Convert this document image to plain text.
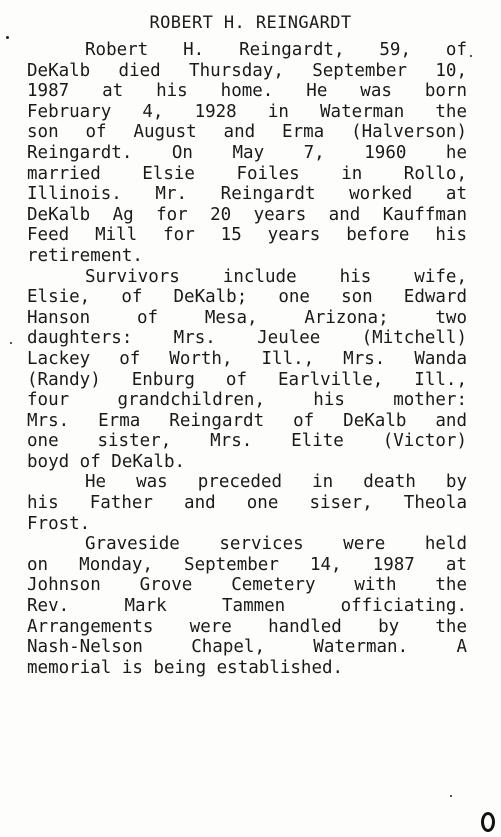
ROBERT H. REINGARDT
Robert H. Reingardt, 59, of
DeKalb died Thursday, September 10,
1987 at his home. He was born
February 4, 1928 in Waterman the
son of August and Erma (Halverson)
Reingardt. On May 7, 1960 he
married Elsie Foiles in Rollo,
Illinois. Mr. Reingardt worked at
DeKalb Ag for 20 years and Kauffman
Feed Mill for 15 years before his
retirement.
Survivors include his wife,
Elsie, of DeKalb; one son Edward
Hanson of Mesa, Arizona; two
daughters: Mrs. Jeulee (Mitchell)
Lackey of Worth, Ill., Mrs. Wanda
(Randy) Enburg of Earlville, Ill.,
four grandchildren, his mother:
Mrs. Erma Reingardt of DeKalb and
one sister, Mrs. Elite (Victor)
boyd of DeKalb.
He was preceded in death by
his Father and one siser, Theola
Frost.
Graveside services were held
on Monday, September 14, 1987 at
Johnson Grove Cemetery with the
Rev. Mark Tammen officiating.
Arrangements were handled by the
Nash-Nelson Chapel, Waterman. A
memorial is being established.
